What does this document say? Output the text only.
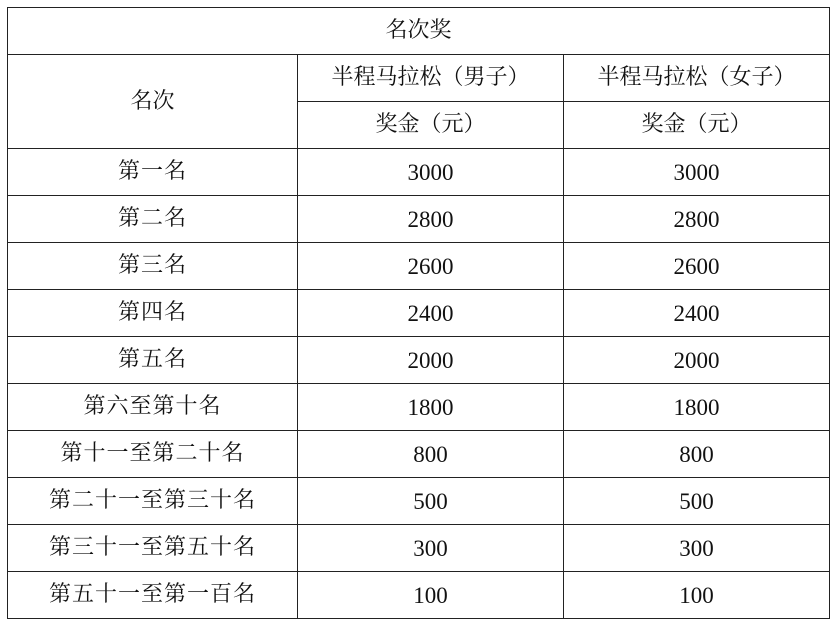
名次奖		
名次	半程马拉松（男子）	半程马拉松（女子）
	奖金（元）	奖金（元）
第一名	3000	3000
第二名	2800	2800
第三名	2600	2600
第四名	2400	2400
第五名	2000	2000
第六至第十名	1800	1800
第十一至第二十名	800	800
第二十一至第三十名	500	500
第三十一至第五十名	300	300
第五十一至第一百名	100	100
